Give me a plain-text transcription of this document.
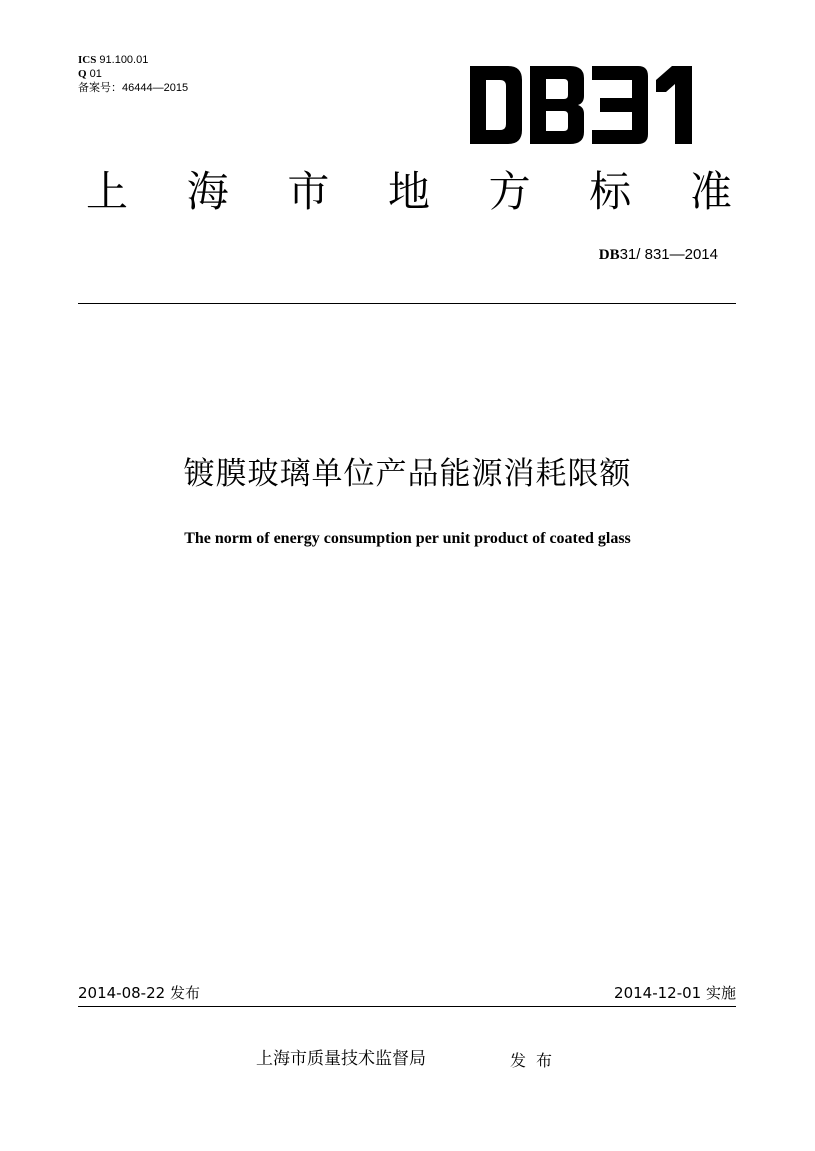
ICS 91.100.01
Q 01
备案号：46444—2015
上 海 市 地 方 标 准
DB31/ 831—2014
镀膜玻璃单位产品能源消耗限额
The norm of energy consumption per unit product of coated glass
2014-08-22 发布	2014-12-01 实施
上海市质量技术监督局	发布
